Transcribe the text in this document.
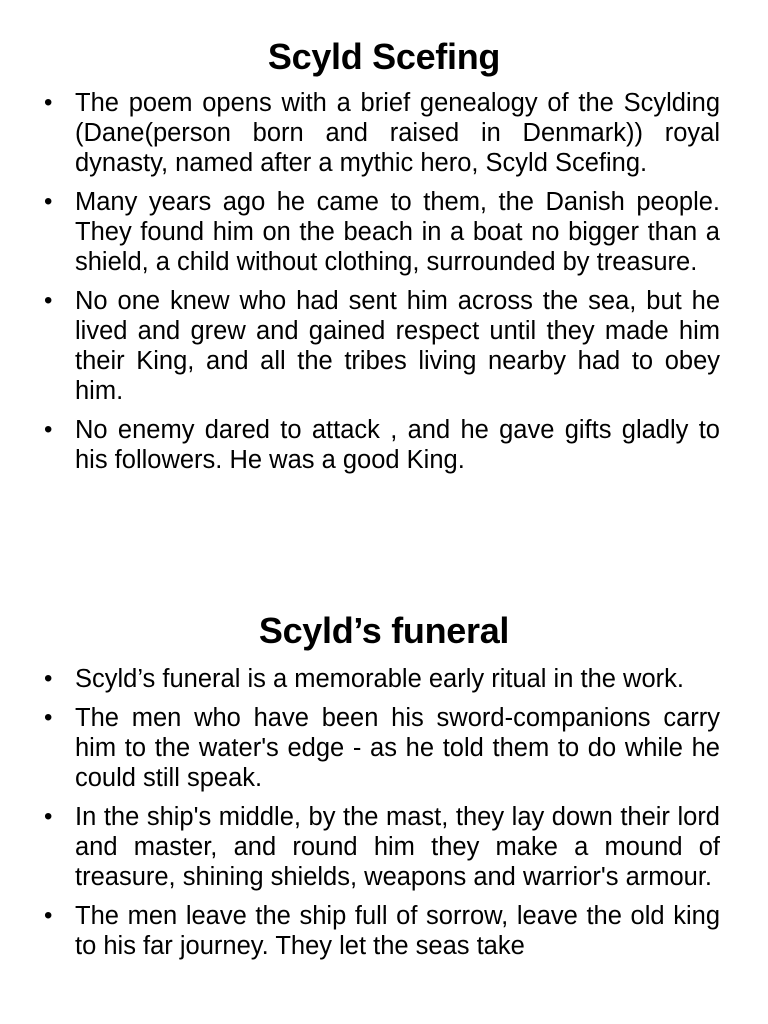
Scyld Scefing
• The poem opens with a brief genealogy of the Scylding (Dane(person born and raised in Denmark)) royal dynasty, named after a mythic hero, Scyld Scefing.
• Many years ago he came to them, the Danish people. They found him on the beach in a boat no bigger than a shield, a child without clothing, surrounded by treasure.
• No one knew who had sent him across the sea, but he lived and grew and gained respect until they made him their King, and all the tribes living nearby had to obey him.
• No enemy dared to attack , and he gave gifts gladly to his followers. He was a good King.
Scyld’s funeral
• Scyld’s funeral is a memorable early ritual in the work.
• The men who have been his sword-companions carry him to the water's edge - as he told them to do while he could still speak.
• In the ship's middle, by the mast, they lay down their lord and master, and round him they make a mound of treasure, shining shields, weapons and warrior's armour.
• The men leave the ship full of sorrow, leave the old king to his far journey. They let the seas take
